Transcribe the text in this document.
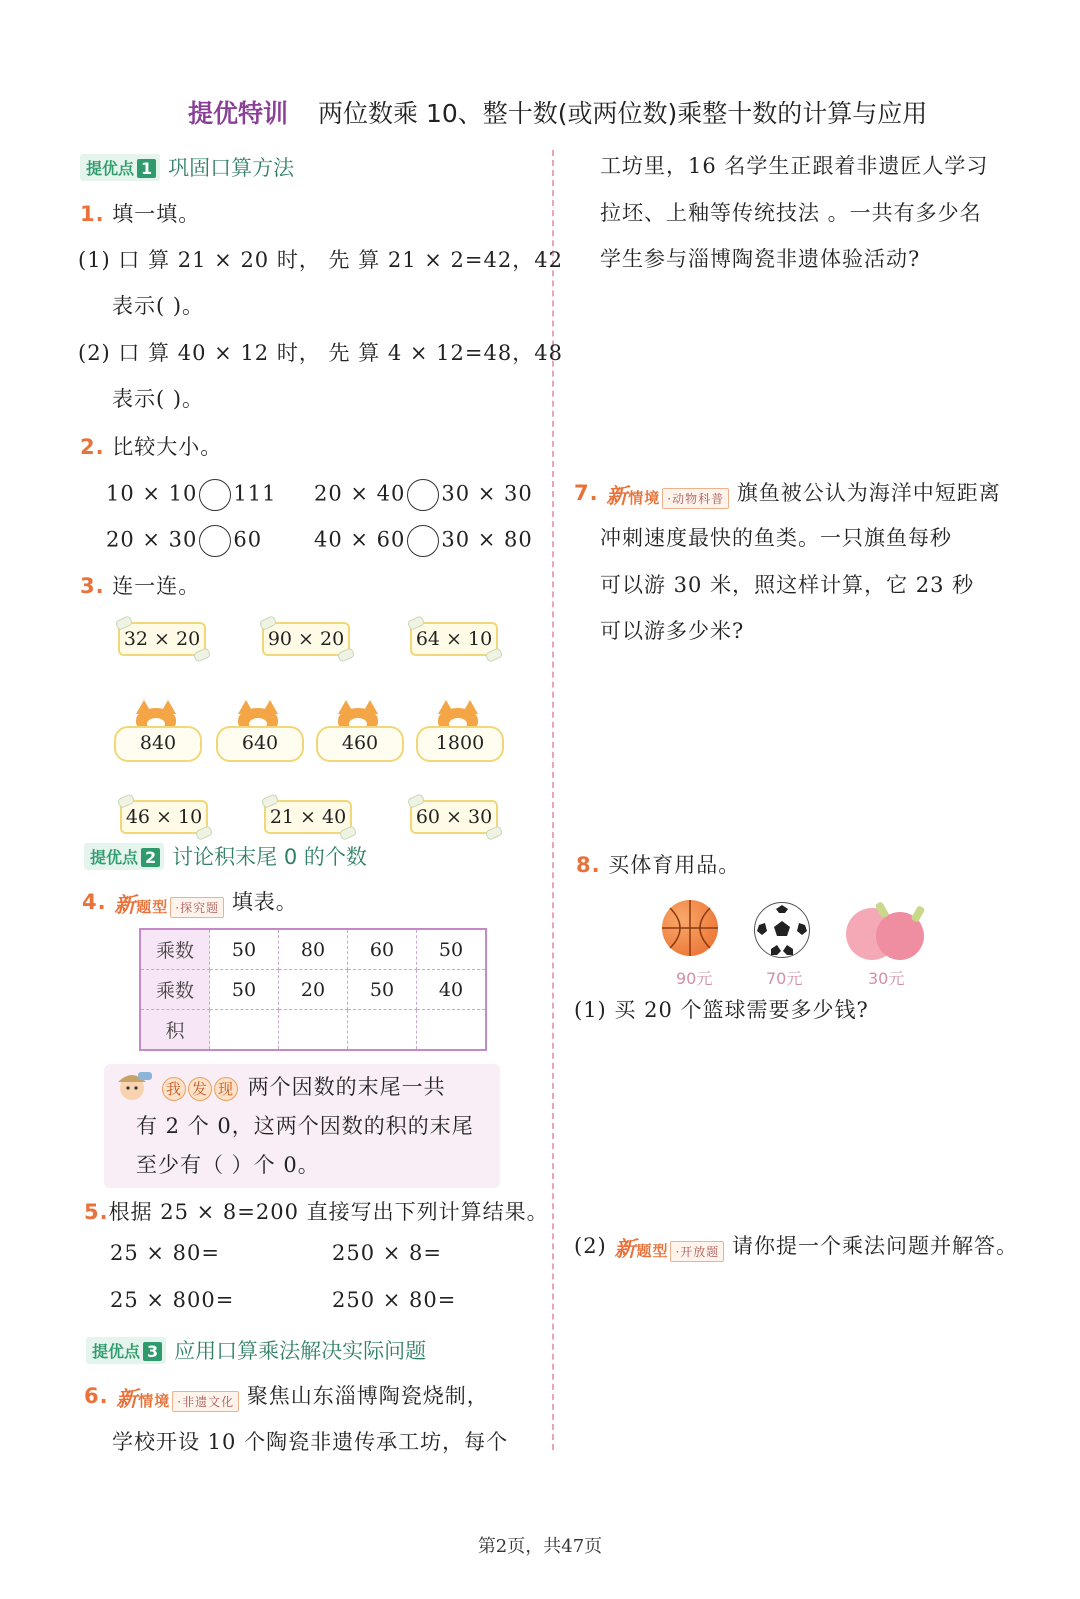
提优特训 两位数乘 10、整十数(或两位数)乘整十数的计算与应用
提优点 1 巩固口算方法
1. 填一填。
(1) 口 算 21 × 20 时， 先 算 21 × 2=42，42
表示( )。
(2) 口 算 40 × 12 时， 先 算 4 × 12=48，48
表示( )。
2. 比较大小。
10 × 10 111 20 × 40 30 × 30
20 × 30 60 40 × 60 30 × 80
3. 连一连。
32 × 20	90 × 20	64 × 10
840	640	460	1800
46 × 10	21 × 40	60 × 30
提优点 2 讨论积末尾 0 的个数
4. 新题型 ·探究题 填表。
乘数	50	80	60	50
乘数	50	20	50	40
积				
我 发 现 两个因数的末尾一共
有 2 个 0，这两个因数的积的末尾
至少有（ ）个 0。
5.根据 25 × 8=200 直接写出下列计算结果。
25 × 80=	250 × 8=
25 × 800=	250 × 80=
提优点 3 应用口算乘法解决实际问题
6. 新情境 ·非遗文化 聚焦山东淄博陶瓷烧制，
学校开设 10 个陶瓷非遗传承工坊，每个
工坊里，16 名学生正跟着非遗匠人学习
拉坯、上釉等传统技法 。一共有多少名
学生参与淄博陶瓷非遗体验活动?
7. 新情境 ·动物科普 旗鱼被公认为海洋中短距离
冲刺速度最快的鱼类。一只旗鱼每秒
可以游 30 米，照这样计算，它 23 秒
可以游多少米?
8. 买体育用品。
90元	70元	30元
(1) 买 20 个篮球需要多少钱?
(2) 新题型 ·开放题 请你提一个乘法问题并解答。
第2页，共47页
